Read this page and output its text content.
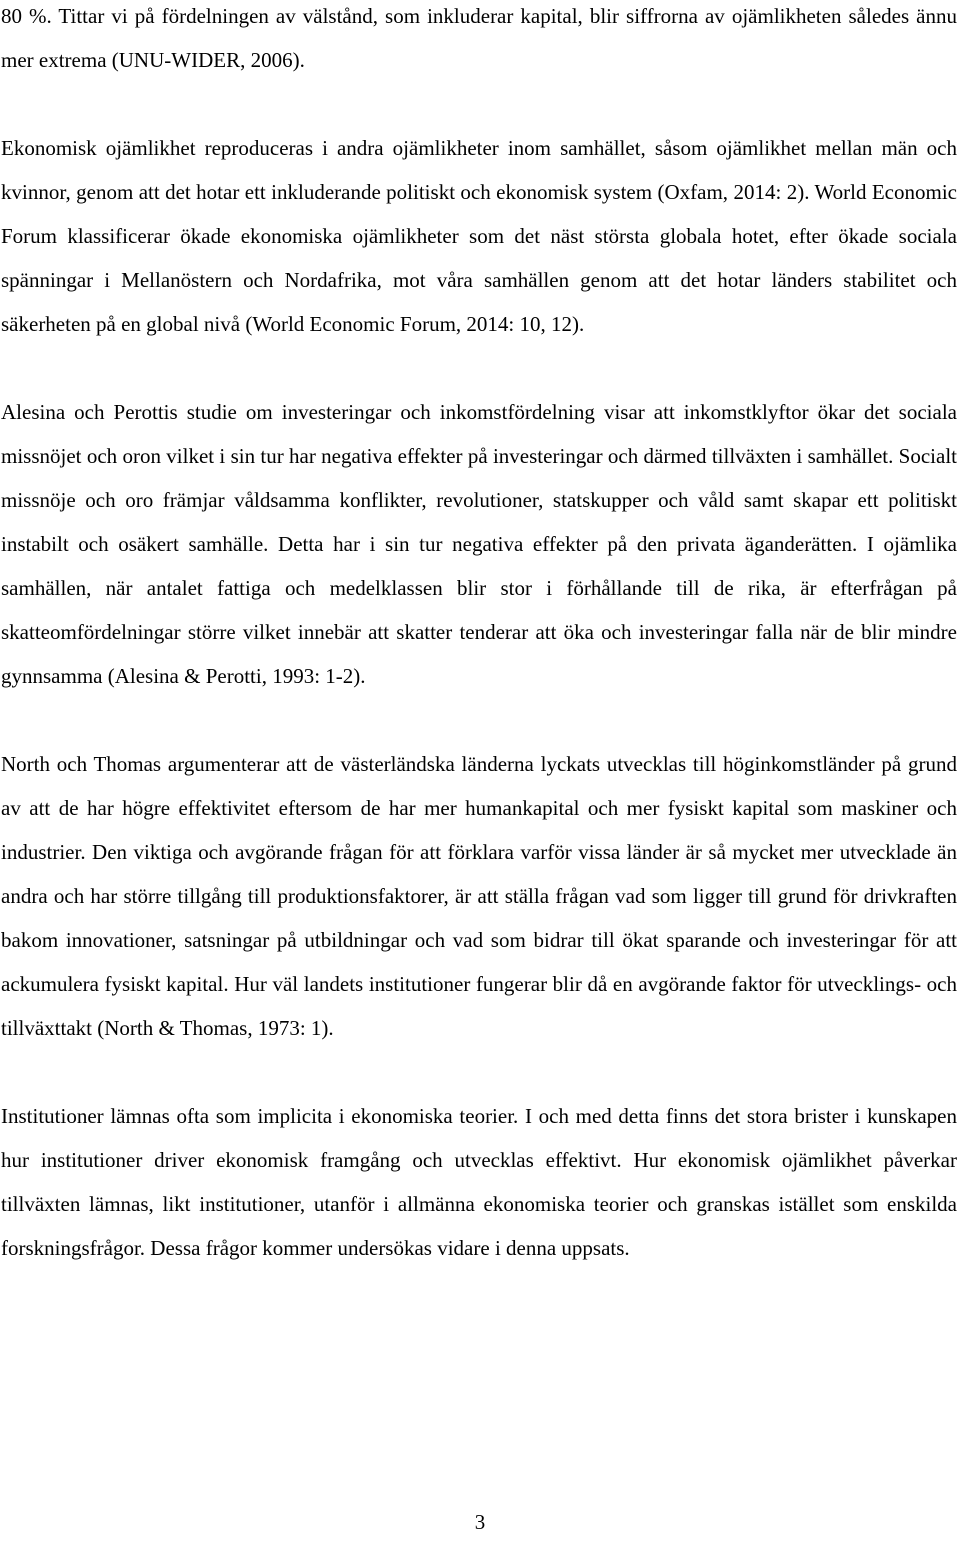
80 %. Tittar vi på fördelningen av välstånd, som inkluderar kapital, blir siffrorna av ojämlikheten således ännu mer extrema (UNU-WIDER, 2006).

Ekonomisk ojämlikhet reproduceras i andra ojämlikheter inom samhället, såsom ojämlikhet mellan män och kvinnor, genom att det hotar ett inkluderande politiskt och ekonomisk system (Oxfam, 2014: 2). World Economic Forum klassificerar ökade ekonomiska ojämlikheter som det näst största globala hotet, efter ökade sociala spänningar i Mellanöstern och Nordafrika, mot våra samhällen genom att det hotar länders stabilitet och säkerheten på en global nivå (World Economic Forum, 2014: 10, 12).

Alesina och Perottis studie om investeringar och inkomstfördelning visar att inkomstklyftor ökar det sociala missnöjet och oron vilket i sin tur har negativa effekter på investeringar och därmed tillväxten i samhället. Socialt missnöje och oro främjar våldsamma konflikter, revolutioner, statskupper och våld samt skapar ett politiskt instabilt och osäkert samhälle. Detta har i sin tur negativa effekter på den privata äganderätten. I ojämlika samhällen, när antalet fattiga och medelklassen blir stor i förhållande till de rika, är efterfrågan på skatteomfördelningar större vilket innebär att skatter tenderar att öka och investeringar falla när de blir mindre gynnsamma (Alesina & Perotti, 1993: 1-2).

North och Thomas argumenterar att de västerländska länderna lyckats utvecklas till höginkomstländer på grund av att de har högre effektivitet eftersom de har mer humankapital och mer fysiskt kapital som maskiner och industrier. Den viktiga och avgörande frågan för att förklara varför vissa länder är så mycket mer utvecklade än andra och har större tillgång till produktionsfaktorer, är att ställa frågan vad som ligger till grund för drivkraften bakom innovationer, satsningar på utbildningar och vad som bidrar till ökat sparande och investeringar för att ackumulera fysiskt kapital. Hur väl landets institutioner fungerar blir då en avgörande faktor för utvecklings- och tillväxttakt (North & Thomas, 1973: 1).

Institutioner lämnas ofta som implicita i ekonomiska teorier. I och med detta finns det stora brister i kunskapen hur institutioner driver ekonomisk framgång och utvecklas effektivt. Hur ekonomisk ojämlikhet påverkar tillväxten lämnas, likt institutioner, utanför i allmänna ekonomiska teorier och granskas istället som enskilda forskningsfrågor. Dessa frågor kommer undersökas vidare i denna uppsats.

3
